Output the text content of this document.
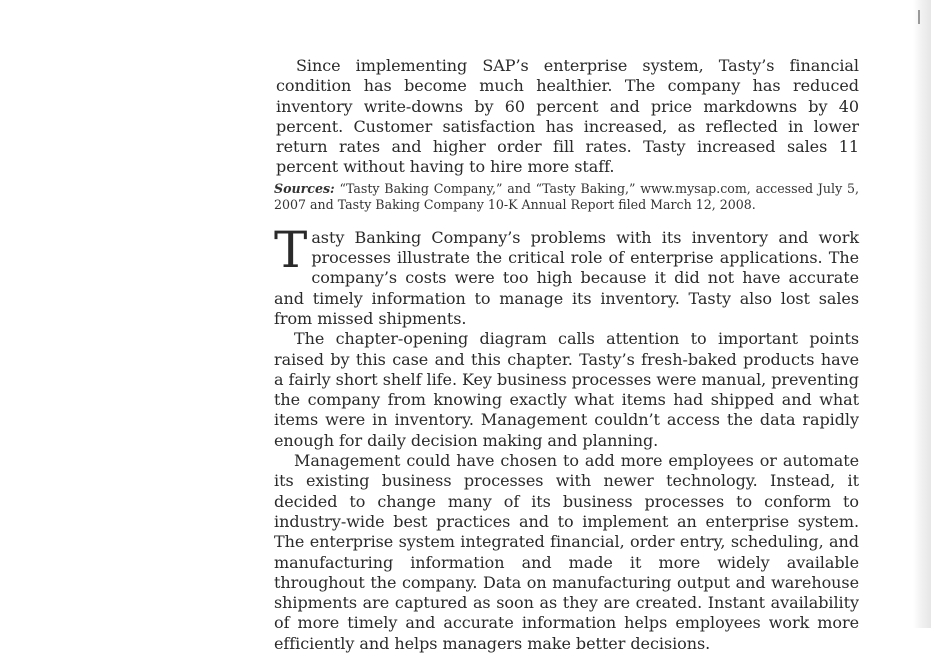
Since implementing SAP’s enterprise system, Tasty’s financial condition has become much healthier. The company has reduced inventory write-downs by 60 percent and price markdowns by 40 percent. Customer satisfaction has increased, as reflected in lower return rates and higher order fill rates. Tasty increased sales 11 percent without having to hire more staff.

Sources: “Tasty Baking Company,” and “Tasty Baking,” www.mysap.com, accessed July 5, 2007 and Tasty Baking Company 10-K Annual Report filed March 12, 2008.

Tasty Banking Company’s problems with its inventory and work processes illustrate the critical role of enterprise applications. The company’s costs were too high because it did not have accurate and timely information to manage its inventory. Tasty also lost sales from missed shipments.

The chapter-opening diagram calls attention to important points raised by this case and this chapter. Tasty’s fresh-baked products have a fairly short shelf life. Key business processes were manual, preventing the company from knowing exactly what items had shipped and what items were in inventory. Management couldn’t access the data rapidly enough for daily decision making and planning.

Management could have chosen to add more employees or automate its existing business processes with newer technology. Instead, it decided to change many of its business processes to conform to industry-wide best practices and to implement an enterprise system. The enterprise system integrated financial, order entry, scheduling, and manufacturing information and made it more widely available throughout the company. Data on manufacturing output and warehouse shipments are captured as soon as they are created. Instant availability of more timely and accurate information helps employees work more efficiently and helps managers make better decisions.
